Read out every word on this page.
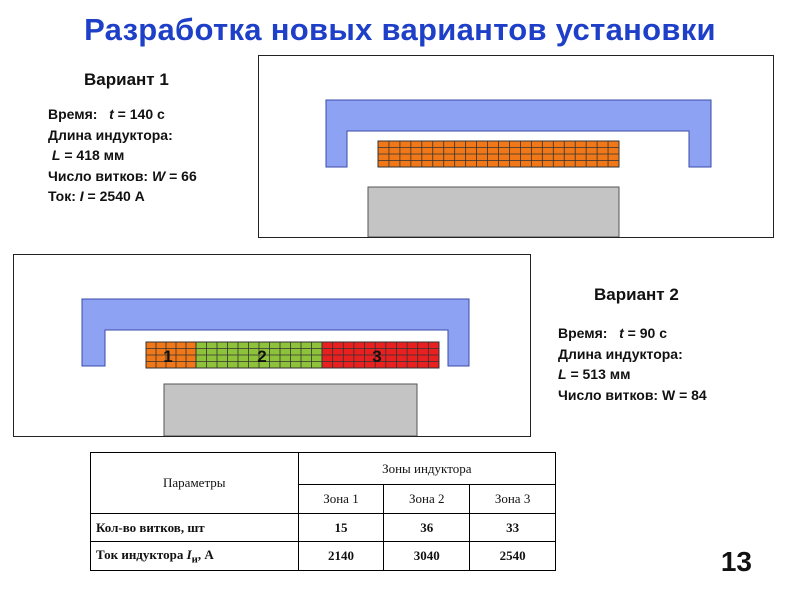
Разработка новых вариантов установки
Вариант 1
Время: t = 140 с
Длина индуктора:
L = 418 мм
Число витков: W = 66
Ток: I = 2540 А
1	2	3
Вариант 2
Время: t = 90 с
Длина индуктора:
L = 513 мм
Число витков: W = 84
Параметры	Зоны индуктора		
	Зона 1	Зона 2	Зона 3
Кол-во витков, шт	15	36	33
Ток индуктора $I_и$, А	2140	3040	2540	13
